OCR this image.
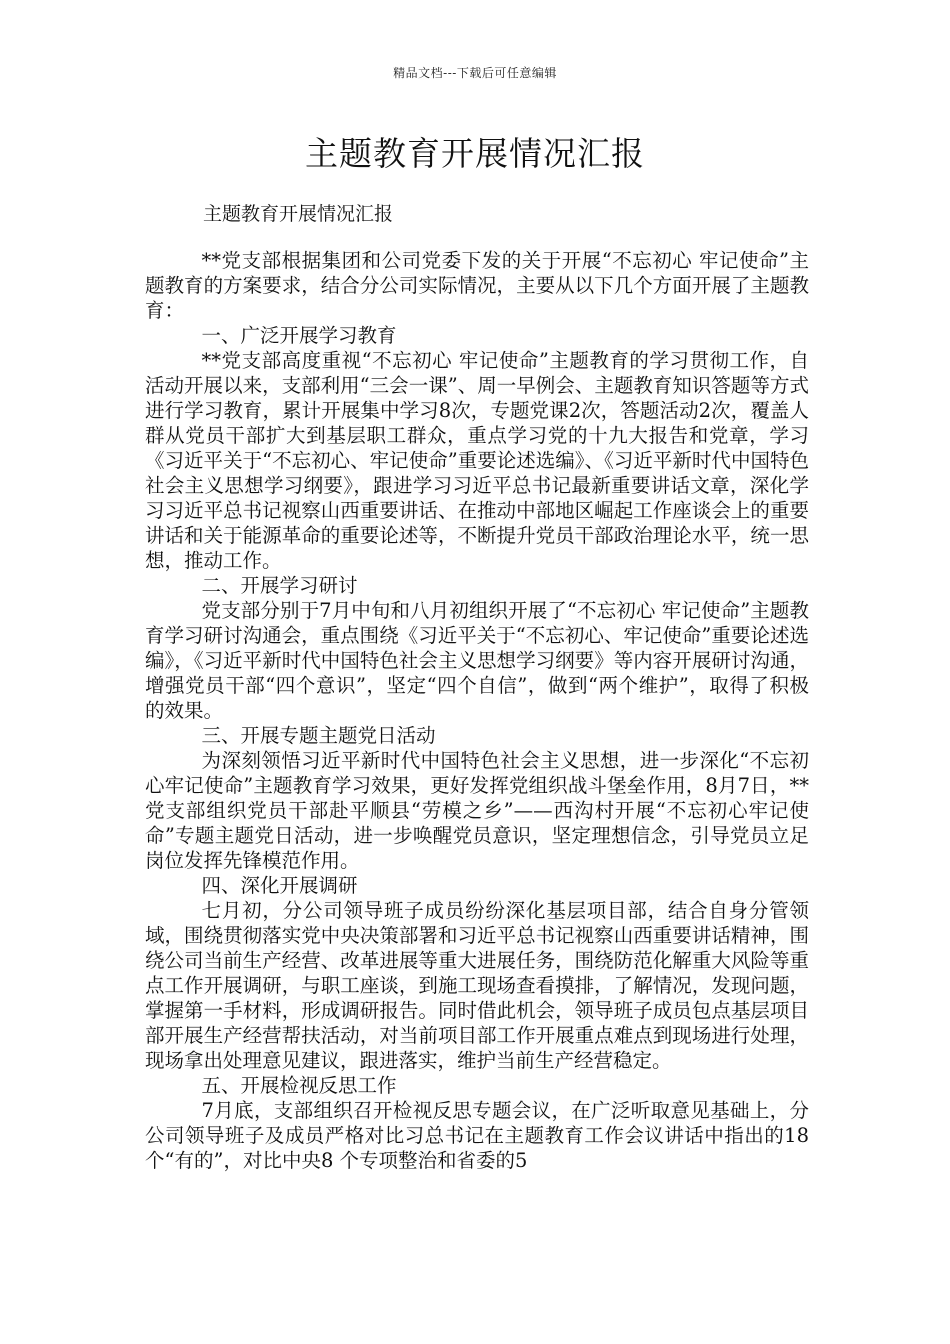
精品文档---下载后可任意编辑
主题教育开展情况汇报

主题教育开展情况汇报

**党支部根据集团和公司党委下发的关于开展“不忘初心 牢记使命”主题教育的方案要求，结合分公司实际情况，主要从以下几个方面开展了主题教育：

一、广泛开展学习教育

**党支部高度重视“不忘初心 牢记使命”主题教育的学习贯彻工作，自活动开展以来，支部利用“三会一课”、周一早例会、主题教育知识答题等方式进行学习教育，累计开展集中学习8次，专题党课2次，答题活动2次，覆盖人群从党员干部扩大到基层职工群众，重点学习党的十九大报告和党章，学习《习近平关于“不忘初心、牢记使命”重要论述选编》、《习近平新时代中国特色社会主义思想学习纲要》，跟进学习习近平总书记最新重要讲话文章，深化学习习近平总书记视察山西重要讲话、在推动中部地区崛起工作座谈会上的重要讲话和关于能源革命的重要论述等，不断提升党员干部政治理论水平，统一思想，推动工作。

二、开展学习研讨

党支部分别于7月中旬和八月初组织开展了“不忘初心 牢记使命”主题教育学习研讨沟通会，重点围绕《习近平关于“不忘初心、牢记使命”重要论述选编》，《习近平新时代中国特色社会主义思想学习纲要》等内容开展研讨沟通，增强党员干部“四个意识”，坚定“四个自信”，做到“两个维护”，取得了积极的效果。

三、开展专题主题党日活动

为深刻领悟习近平新时代中国特色社会主义思想，进一步深化“不忘初心牢记使命”主题教育学习效果，更好发挥党组织战斗堡垒作用，8月7日，**党支部组织党员干部赴平顺县“劳模之乡”——西沟村开展“不忘初心牢记使命”专题主题党日活动，进一步唤醒党员意识，坚定理想信念，引导党员立足岗位发挥先锋模范作用。

四、深化开展调研

七月初，分公司领导班子成员纷纷深化基层项目部，结合自身分管领域，围绕贯彻落实党中央决策部署和习近平总书记视察山西重要讲话精神，围绕公司当前生产经营、改革进展等重大进展任务，围绕防范化解重大风险等重点工作开展调研，与职工座谈，到施工现场查看摸排，了解情况，发现问题，掌握第一手材料，形成调研报告。同时借此机会，领导班子成员包点基层项目部开展生产经营帮扶活动，对当前项目部工作开展重点难点到现场进行处理，现场拿出处理意见建议，跟进落实，维护当前生产经营稳定。

五、开展检视反思工作

7月底，支部组织召开检视反思专题会议，在广泛听取意见基础上，分公司领导班子及成员严格对比习总书记在主题教育工作会议讲话中指出的18 个“有的”，对比中央8 个专项整治和省委的5
